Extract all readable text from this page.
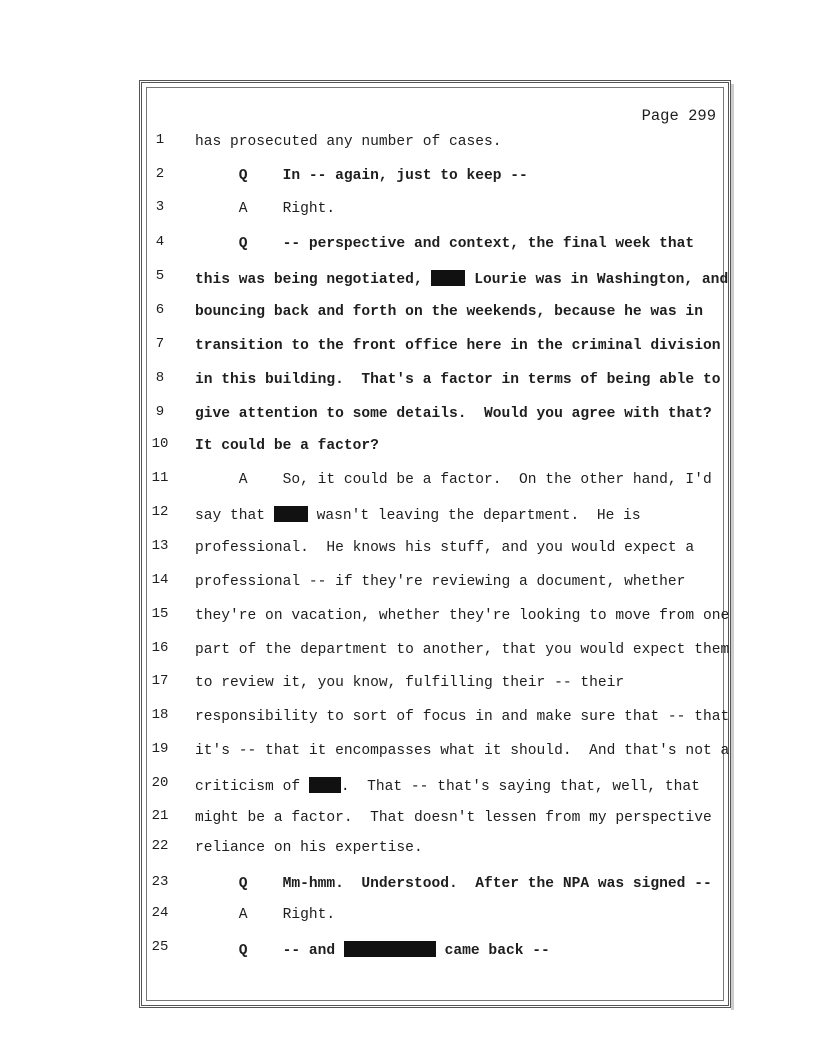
Page 299
1	has prosecuted any number of cases.
2	Q    In -- again, just to keep --
3	A    Right.
4	Q    -- perspective and context, the final week that
5	this was being negotiated,  Lourie was in Washington, and
6	bouncing back and forth on the weekends, because he was in
7	transition to the front office here in the criminal division
8	in this building.  That's a factor in terms of being able to
9	give attention to some details.  Would you agree with that?
10 It could be a factor?
11 A    So, it could be a factor.  On the other hand, I'd
12 say that  wasn't leaving the department.  He is
13 professional.  He knows his stuff, and you would expect a
14 professional -- if they're reviewing a document, whether
15 they're on vacation, whether they're looking to move from one
16 part of the department to another, that you would expect them
17 to review it, you know, fulfilling their -- their
18 responsibility to sort of focus in and make sure that -- that
19 it's -- that it encompasses what it should.  And that's not a
20 criticism of .  That -- that's saying that, well, that
21 might be a factor.  That doesn't lessen from my perspective
22 reliance on his expertise.
23 Q    Mm-hmm.  Understood.  After the NPA was signed --
24 A    Right.
25 Q    -- and	came back --
